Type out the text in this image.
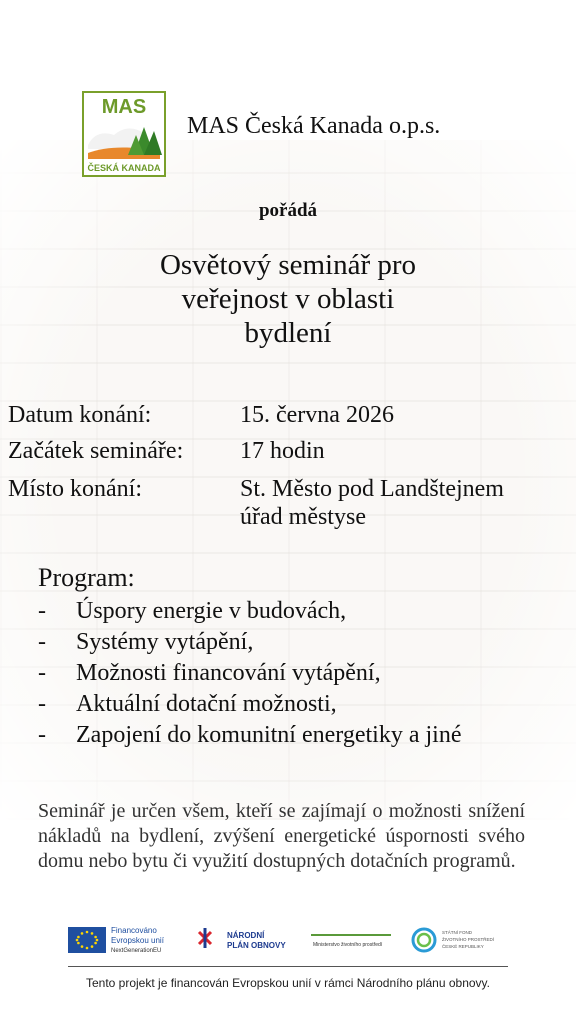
MAS
ČESKÁ KANADA
MAS Česká Kanada o.p.s.
pořádá
Osvětový seminář pro
veřejnost v oblasti
bydlení
Datum konání:	15. června 2026
Začátek semináře: 17 hodin
Místo konání:	St. Město pod Landštejnem
úřad městyse
Program:
- Úspory energie v budovách,
- Systémy vytápění,
- Možnosti financování vytápění,
- Aktuální dotační možnosti,
- Zapojení do komunitní energetiky a jiné
Seminář je určen všem, kteří se zajímají o možnosti snížení nákladů na bydlení, zvýšení energetické úspornosti svého domu nebo bytu či využití dostupných dotačních programů.
Financováno
Evropskou unií
NextGenerationEU
NÁRODNÍ
PLÁN OBNOVY	Ministerstvo životního prostředí
STÁTNÍ FOND
ŽIVOTNÍHO PROSTŘEDÍ
ČESKÉ REPUBLIKY
Tento projekt je financován Evropskou unií v rámci Národního plánu obnovy.
